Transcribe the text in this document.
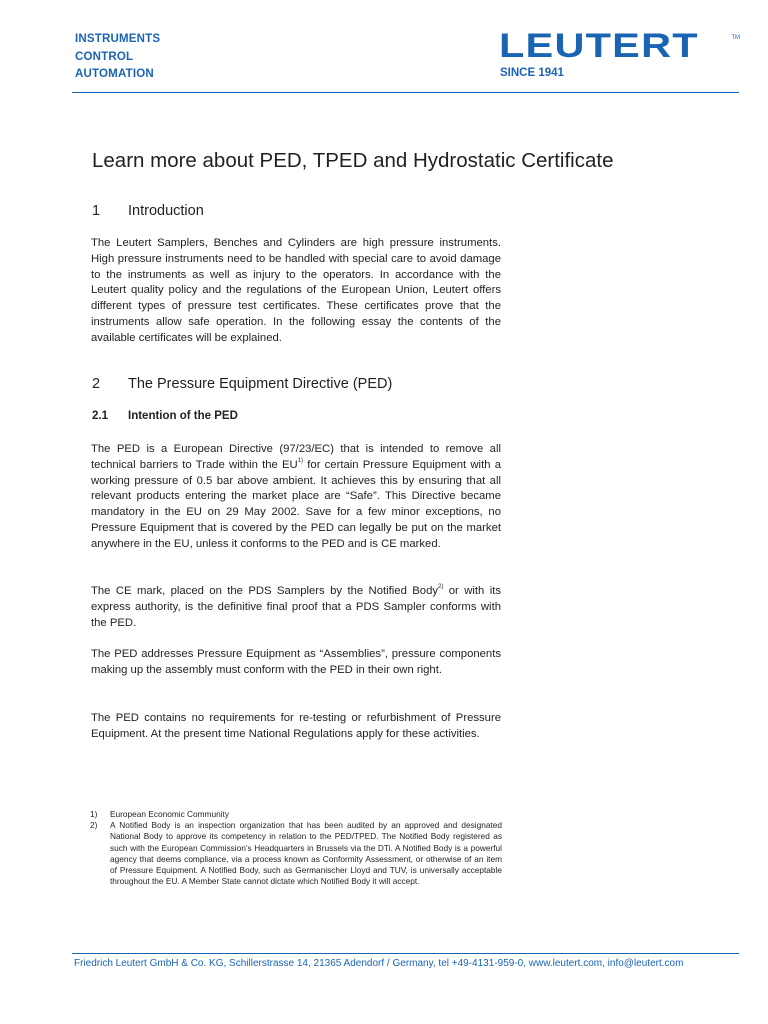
INSTRUMENTS
CONTROL
AUTOMATION
LEUTERT	TM
SINCE 1941
Learn more about PED, TPED and Hydrostatic Certificate
1 Introduction
The Leutert Samplers, Benches and Cylinders are high pressure instruments. High pressure instruments need to be handled with special care to avoid damage to the instruments as well as injury to the operators. In accordance with the Leutert quality policy and the regulations of the European Union, Leutert offers different types of pressure test certificates. These certificates prove that the instruments allow safe operation. In the following essay the contents of the available certificates will be explained.
2 The Pressure Equipment Directive (PED)
2.1 Intention of the PED
The PED is a European Directive (97/23/EC) that is intended to remove all technical barriers to Trade within the EU$^{1)}$ for certain Pressure Equipment with a working pressure of 0.5 bar above ambient. It achieves this by ensuring that all relevant products entering the market place are “Safe”. This Directive became mandatory in the EU on 29 May 2002. Save for a few minor exceptions, no Pressure Equipment that is covered by the PED can legally be put on the market anywhere in the EU, unless it conforms to the PED and is CE marked.
The CE mark, placed on the PDS Samplers by the Notified Body$^{2)}$ or with its express authority, is the definitive final proof that a PDS Sampler conforms with the PED.
The PED addresses Pressure Equipment as “Assemblies”, pressure components making up the assembly must conform with the PED in their own right.
The PED contains no requirements for re-testing or refurbishment of Pressure Equipment. At the present time National Regulations apply for these activities.
1)	European Economic Community
2)	A Notified Body is an inspection organization that has been audited by an approved and designated National Body to approve its competency in relation to the PED/TPED. The Notified Body registered as such with the European Commission’s Headquarters in Brussels via the DTi. A Notified Body is a powerful agency that deems compliance, via a process known as Conformity Assessment, or otherwise of an item of Pressure Equipment. A Notified Body, such as Germanischer Lloyd and TUV, is universally acceptable throughout the EU. A Member State cannot dictate which Notified Body it will accept.
Friedrich Leutert GmbH & Co. KG, Schillerstrasse 14, 21365 Adendorf / Germany, tel +49-4131-959-0, www.leutert.com, info@leutert.com
